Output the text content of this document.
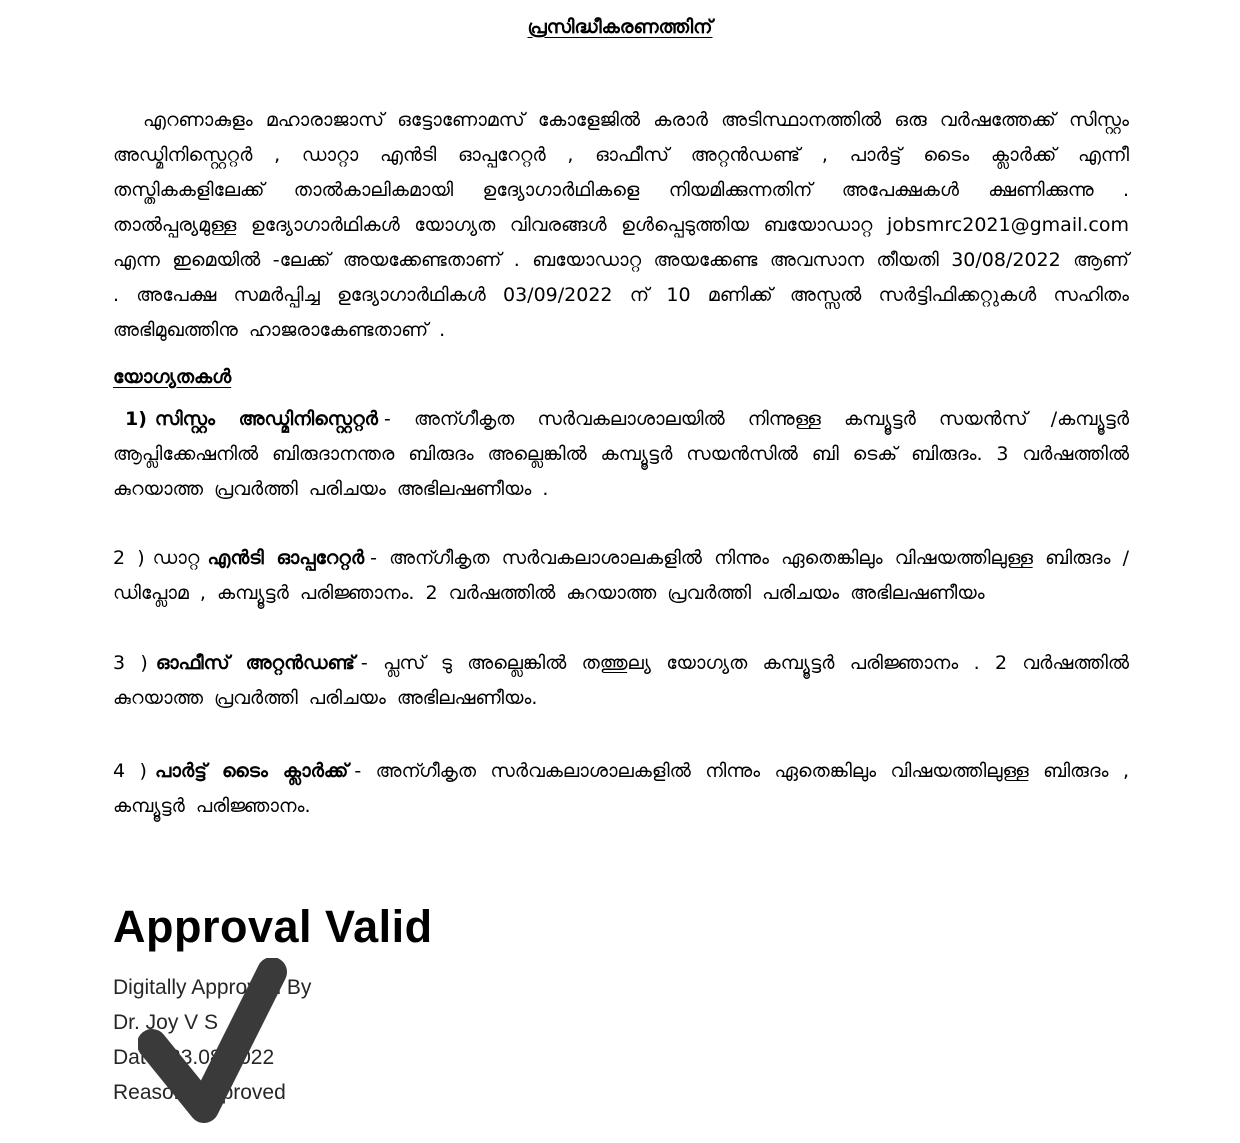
പ്രസിദ്ധീകരണത്തിന്

എറണാകുളം മഹാരാജാസ് ഒട്ടോണോമസ് കോളേജിൽ കരാർ അടിസ്ഥാനത്തിൽ ഒരു വർഷത്തേക്ക് സിസ്റ്റം അഡ്മിനിസ്റ്റെറ്റർ , ഡാറ്റാ എൻടി ഓപ്പറേറ്റർ , ഓഫീസ് അറ്റൻഡണ്ട് , പാർട്ട് ടൈം ക്ലാർക്ക് എന്നീ തസ്തികകളിലേക്ക് താൽകാലികമായി ഉദ്യോഗാർഥികളെ നിയമിക്കുന്നതിന് അപേക്ഷകൾ ക്ഷണിക്കുന്നു . താൽപ്പര്യമുള്ള ഉദ്യോഗാർഥികൾ യോഗ്യത വിവരങ്ങൾ ഉൾപ്പെടുത്തിയ ബയോഡാറ്റ jobsmrc2021@gmail.com എന്ന ഇമെയിൽ -ലേക്ക് അയക്കേണ്ടതാണ് . ബയോഡാറ്റ അയക്കേണ്ട അവസാന തീയതി 30/08/2022 ആണ് . അപേക്ഷ സമർപ്പിച്ച ഉദ്യോഗാർഥികൾ 03/09/2022 ന് 10 മണിക്ക് അസ്സൽ സർട്ടിഫിക്കറ്റുകൾ സഹിതം അഭിമുഖത്തിനു ഹാജരാകേണ്ടതാണ് .

യോഗ്യതകൾ

1) സിസ്റ്റം അഡ്മിനിസ്റ്റെറ്റർ - അന്ഗീകൃത സർവകലാശാലയിൽ നിന്നുള്ള കമ്പ്യൂട്ടർ സയൻസ് /കമ്പ്യൂട്ടർ ആപ്ലിക്കേഷനിൽ ബിരുദാനന്തര ബിരുദം അല്ലെങ്കിൽ കമ്പ്യൂട്ടർ സയൻസിൽ ബി ടെക് ബിരുദം. 3 വർഷത്തിൽ കുറയാത്ത പ്രവർത്തി പരിചയം അഭിലഷണീയം .

2 ) ഡാറ്റ എൻടി ഓപ്പറേറ്റർ - അന്ഗീകൃത സർവകലാശാലകളിൽ നിന്നും ഏതെങ്കിലും വിഷയത്തിലുള്ള ബിരുദം / ഡിപ്ലോമ , കമ്പ്യൂട്ടർ പരിജ്ഞാനം. 2 വർഷത്തിൽ കുറയാത്ത പ്രവർത്തി പരിചയം അഭിലഷണീയം

3 ) ഓഫീസ് അറ്റൻഡണ്ട് - പ്ലസ് ടു അല്ലെങ്കിൽ തത്തുല്യ യോഗ്യത കമ്പ്യൂട്ടർ പരിജ്ഞാനം . 2 വർഷത്തിൽ കുറയാത്ത പ്രവർത്തി പരിചയം അഭിലഷണീയം.

4 ) പാർട്ട് ടൈം ക്ലാർക്ക് - അന്ഗീകൃത സർവകലാശാലകളിൽ നിന്നും ഏതെങ്കിലും വിഷയത്തിലുള്ള ബിരുദം , കമ്പ്യൂട്ടർ പരിജ്ഞാനം.

Approval Valid
Digitally Approved By
Dr. Joy V S
Date: 23.08.2022
Reason: Approved
